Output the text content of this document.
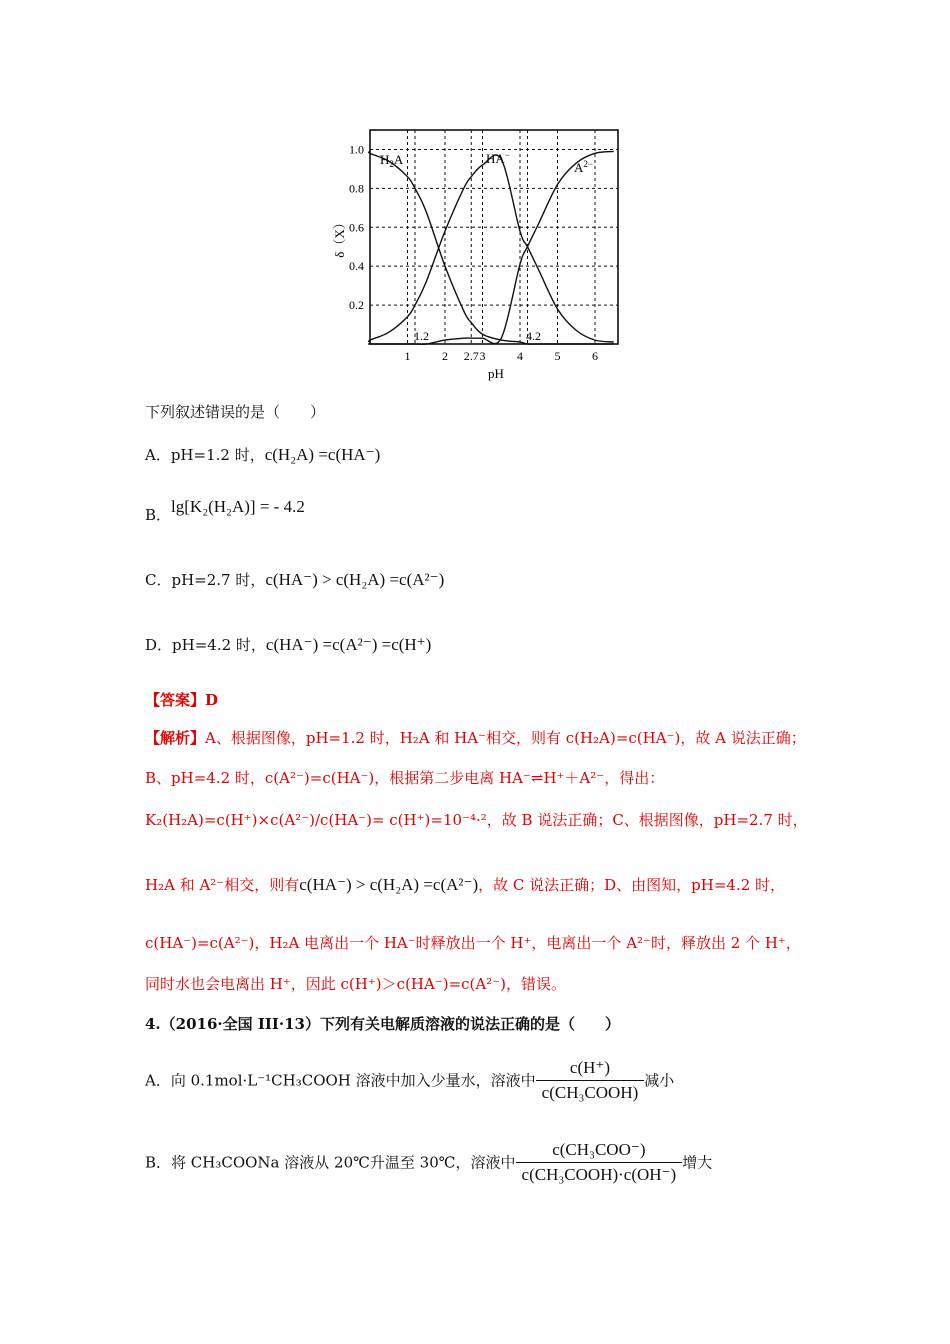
1.0
0.8
0.6
0.4
0.2
1	2 2.7 3	4	5	6
δ（X）
pH
1.2	4.2
$H_2A$	HA−
$A^{2-}$
下列叙述错误的是（　　）
A．pH=1.2 时，c(H₂A) =c(HA⁻)
B．lg[K₂(H₂A)] = - 4.2
C．pH=2.7 时，c(HA⁻) > c(H₂A) =c(A²⁻)
D．pH=4.2 时，c(HA⁻) =c(A²⁻) =c(H⁺)
【答案】D
【解析】A、根据图像，pH=1.2 时，H₂A 和 HA⁻相交，则有 c(H₂A)=c(HA⁻)，故 A 说法正确；
B、pH=4.2 时，c(A²⁻)=c(HA⁻)，根据第二步电离 HA⁻⇌H⁺＋A²⁻，得出：
K₂(H₂A)=c(H⁺)×c(A²⁻)/c(HA⁻)= c(H⁺)=10⁻⁴·²，故 B 说法正确；C、根据图像，pH=2.7 时，
H₂A 和 A²⁻相交，则有c(HA⁻) > c(H₂A) =c(A²⁻)，故 C 说法正确；D、由图知，pH=4.2 时，
c(HA⁻)=c(A²⁻)，H₂A 电离出一个 HA⁻时释放出一个 H⁺，电离出一个 A²⁻时，释放出 2 个 H⁺，
同时水也会电离出 H⁺，因此 c(H⁺)＞c(HA⁻)=c(A²⁻)，错误。
4.（2016·全国 III·13）下列有关电解质溶液的说法正确的是（　　）
A．向 0.1mol·L⁻¹CH₃COOH 溶液中加入少量水，溶液中 $\frac{c(H^+)}{\text{c(CH₃COOH)}}$ 减小
B．将 CH₃COONa 溶液从 20℃升温至 30℃，溶液中 $\frac{\text{c(CH₃COO⁻)}}{\text{c(CH₃COOH)·c(OH⁻)}}$ 增大
